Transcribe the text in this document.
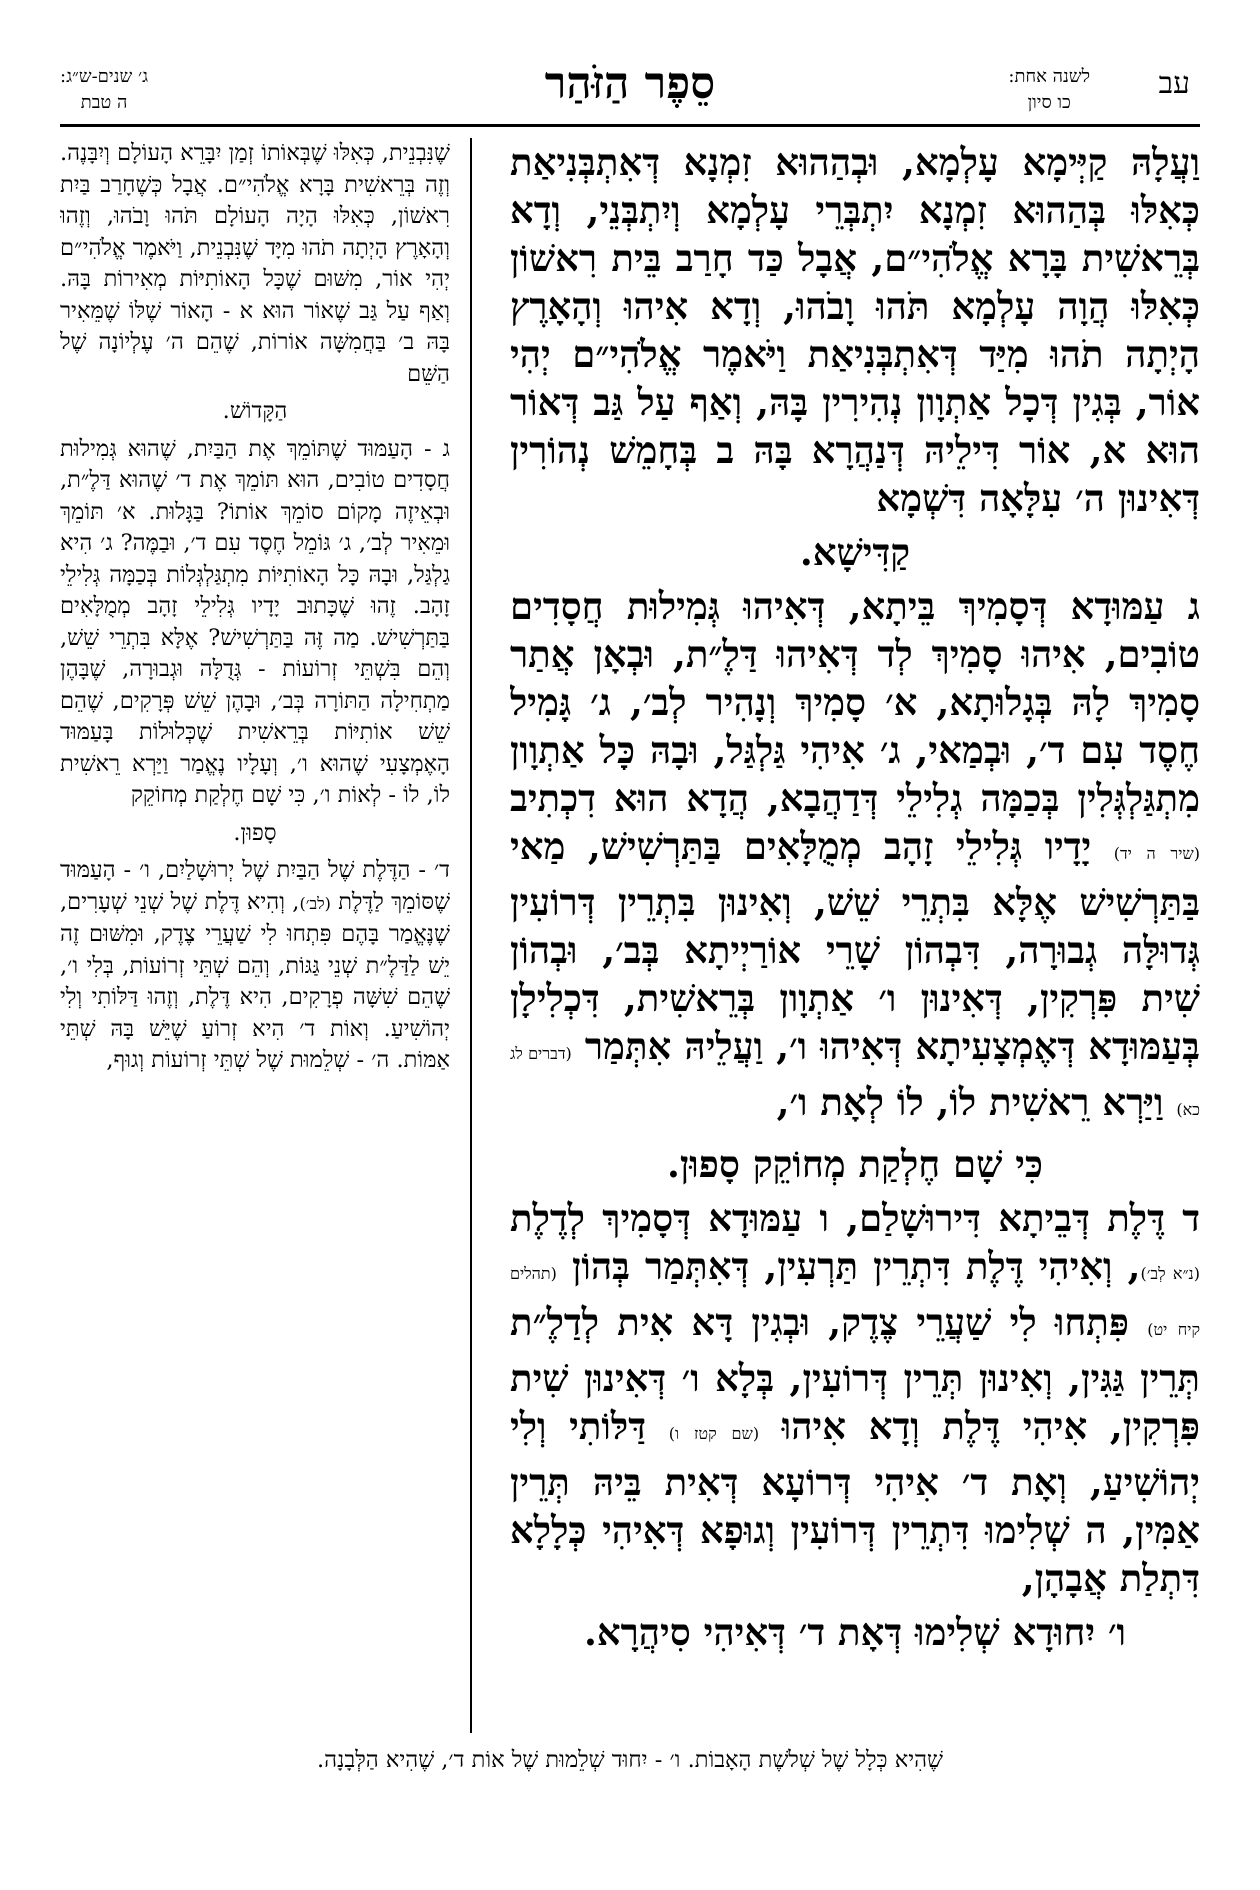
עב
לשנה אחת:
כו סיון
סֵפֶר הַזֹּהַר
ג׳ שנים-ש״ג:
ה טבת

וַעֲלָהּ קַיְּימָא עָלְמָא, וּבְהַהוּא זִמְנָא דְּאִתְבְּנִיאַת כְּאִלּוּ בְּהַהוּא זִמְנָא יִתְבְּרֵי עָלְמָא וְיִתְבְּנֵי, וְדָא בְּרֵאשִׁית בָּרָא אֱלֹהִי״ם, אֲבָל כַּד חָרַב בֵּית רִאשׁוֹן כְּאִלּוּ הֲוָה עָלְמָא תֹּהוּ וָבֹהוּ, וְדָא אִיהוּ וְהָאָרֶץ הָיְתָה תֹהוּ מִיַּד דְּאִתְבְּנִיאַת וַיֹּאמֶר אֱלֹהִי״ם יְהִי אוֹר, בְּגִין דְּכָל אַתְוָון נְהִירִין בָּהּ, וְאַף עַל גַּב דְּאוֹר הוּא א, אוֹר דִּילֵיהּ דְּנַהֲרָא בָּהּ ב בְּחָמֵשׁ נְהוֹרִין דְּאִינוּן ה׳ עִלָּאָה דִּשְׁמָא

קַדִּישָׁא.

ג עַמּוּדָא דְּסָמִיךְ בֵּיתָא, דְּאִיהוּ גְּמִילוּת חֲסָדִים טוֹבִים, אִיהוּ סָמִיךְ לְד דְּאִיהוּ דַּלֶ״ת, וּבְאָן אֲתַר סָמִיךְ לָהּ בְּגָלוּתָא, א׳ סָמִיךְ וְנָהִיר לְב׳, ג׳ גָּמִיל חֶסֶד עִם ד׳, וּבְמַאי, ג׳ אִיהִי גַּלְגַּל, וּבָהּ כָּל אַתְוָון מִתְגַּלְגְּלִין בְּכַמָּה גְלִילֵי דְּדַהֲבָא, הֲדָא הוּא דִכְתִיב (שיר ה יד) יָדָיו גְּלִילֵי זָהָב מְמֻלָּאִים בַּתַּרְשִׁישׁ, מַאי בַּתַּרְשִׁישׁ אֶלָּא בִּתְרֵי שֵׁשׁ, וְאִינוּן בִּתְרֵין דְּרוֹעִין גְּדוּלָּה גְבוּרָה, דִּבְהוֹן שָׁרֵי אוֹרַיְיתָא בְּב׳, וּבְהוֹן שִׁית פִּרְקִין, דְּאִינוּן ו׳ אַתְוָון בְּרֵאשִׁית, דִּכְלִילָן בְּעַמּוּדָא דְּאֶמְצָעִיתָא דְּאִיהוּ ו׳, וַעֲלֵיהּ אִתְּמַר (דברים לג כא) וַיַּרְא רֵאשִׁית לוֹ, לוֹ לְאָת ו׳,

כִּי שָׁם חֶלְקַת מְחוֹקֵק סָפוּן.

ד דֶּלֶת דְּבֵיתָא דִּירוּשָׁלַם, ו עַמּוּדָא דְּסָמִיךְ לְדֶלֶת (נ״א לְב׳), וְאִיהִי דֶּלֶת דִּתְרֵין תַּרְעִין, דְּאִתְּמַר בְּהוֹן (תהלים קיח יט) פִּתְחוּ לִי שַׁעֲרֵי צֶדֶק, וּבְגִין דָּא אִית לְדַלֶ״ת תְּרֵין גַּגִּין, וְאִינוּן תְּרֵין דְּרוֹעִין, בְּלָא ו׳ דְּאִינוּן שִׁית פִּרְקִין, אִיהִי דֶּלֶת וְדָא אִיהוּ (שם קטז ו) דַּלּוֹתִי וְלִי יְהוֹשִׁיעַ, וְאָת ד׳ אִיהִי דְּרוֹעָא דְּאִית בֵּיהּ תְּרֵין אַמִּין, ה שְׁלִימוּ דִּתְרֵין דְּרוֹעִין וְגוּפָא דְּאִיהִי כְּלָלָא דִּתְלַת אֲבָהָן,

ו׳ יִחוּדָא שְׁלִימוּ דְּאָת ד׳ דְּאִיהִי סִיהֲרָא.

שֶׁנִּבְנֵית, כְּאִלּוּ שֶׁבְּאוֹתוֹ זְמַן יִבָּרֵא הָעוֹלָם וְיִבָּנֶה. וְזֶה בְּרֵאשִׁית בָּרָא אֱלֹהִי״ם. אֲבָל כְּשֶׁחָרַב בַּיִת רִאשׁוֹן, כְּאִלּוּ הָיָה הָעוֹלָם תֹּהוּ וָבֹהוּ, וְזֶהוּ וְהָאָרֶץ הָיְתָה תֹהוּ מִיָּד שֶׁנִּבְנֵית, וַיֹּאמֶר אֱלֹהִי״ם יְהִי אוֹר, מִשּׁוּם שֶׁכָּל הָאוֹתִיּוֹת מְאִירוֹת בָּהּ. וְאַף עַל גַּב שֶׁאוֹר הוּא א - הָאוֹר שֶׁלּוֹ שֶׁמֵּאִיר בָּהּ ב׳ בַּחֲמִשָּׁה אוֹרוֹת, שֶׁהֵם ה׳ עֶלְיוֹנָה שֶׁל הַשֵּׁם

הַקָּדוֹשׁ.

ג - הָעַמּוּד שֶׁתּוֹמֵךְ אֶת הַבַּיִת, שֶׁהוּא גְּמִילוּת חֲסָדִים טוֹבִים, הוּא תּוֹמֵךְ אֶת ד׳ שֶׁהוּא דַּלֶ״ת, וּבְאֵיזֶה מָקוֹם סוֹמֵךְ אוֹתוֹ? בַּגָּלוּת. א׳ תּוֹמֵךְ וּמֵאִיר לְב׳, ג׳ גּוֹמֵל חֶסֶד עִם ד׳, וּבַמֶּה? ג׳ הִיא גַלְגַּל, וּבָהּ כָּל הָאוֹתִיּוֹת מִתְגַּלְגְּלוֹת בְּכַמָּה גְּלִילֵי זָהָב. זֶהוּ שֶׁכָּתוּב יָדָיו גְּלִילֵי זָהָב מְמֻלָּאִים בַּתַּרְשִׁישׁ. מַה זֶּה בַּתַּרְשִׁישׁ? אֶלָּא בִּתְרֵי שֵׁשׁ, וְהֵם בִּשְׁתֵּי זְרוֹעוֹת - גְּדֻלָּה וּגְבוּרָה, שֶׁבָּהֶן מַתְחִילָה הַתּוֹרָה בְּב׳, וּבָהֶן שֵׁשׁ פְּרָקִים, שֶׁהֵם שֵׁשׁ אוֹתִיּוֹת בְּרֵאשִׁית שֶׁכְּלוּלוֹת בָּעַמּוּד הָאֶמְצָעִי שֶׁהוּא ו׳, וְעָלָיו נֶאֱמַר וַיַּרְא רֵאשִׁית לוֹ, לוֹ - לְאוֹת ו׳, כִּי שָׁם חֶלְקַת מְחוֹקֵק

סָפוּן.

ד׳ - הַדֶּלֶת שֶׁל הַבַּיִת שֶׁל יְרוּשָׁלַיִם, ו׳ - הָעַמּוּד שֶׁסּוֹמֵךְ לַדֶּלֶת (לב׳), וְהִיא דֶּלֶת שֶׁל שְׁנֵי שְׁעָרִים, שֶׁנֶּאֱמַר בָּהֶם פִּתְחוּ לִי שַׁעֲרֵי צֶדֶק, וּמִשּׁוּם זֶה יֵשׁ לַדַּלֶ״ת שְׁנֵי גַּגּוֹת, וְהֵם שְׁתֵּי זְרוֹעוֹת, בְּלִי ו׳, שֶׁהֵם שִׁשָּׁה פְרָקִים, הִיא דֶּלֶת, וְזֶהוּ דַּלּוֹתִי וְלִי יְהוֹשִׁיעַ. וְאוֹת ד׳ הִיא זְרוֹעַ שֶׁיֵּשׁ בָּהּ שְׁתֵּי אַמּוֹת. ה׳ - שְׁלֵמוּת שֶׁל שְׁתֵּי זְרוֹעוֹת וְגוּף,

שֶׁהִיא כְּלָל שֶׁל שְׁלֹשֶׁת הָאָבוֹת. ו׳ - יִחוּד שְׁלֵמוּת שֶׁל אוֹת ד׳, שֶׁהִיא הַלְּבָנָה.
